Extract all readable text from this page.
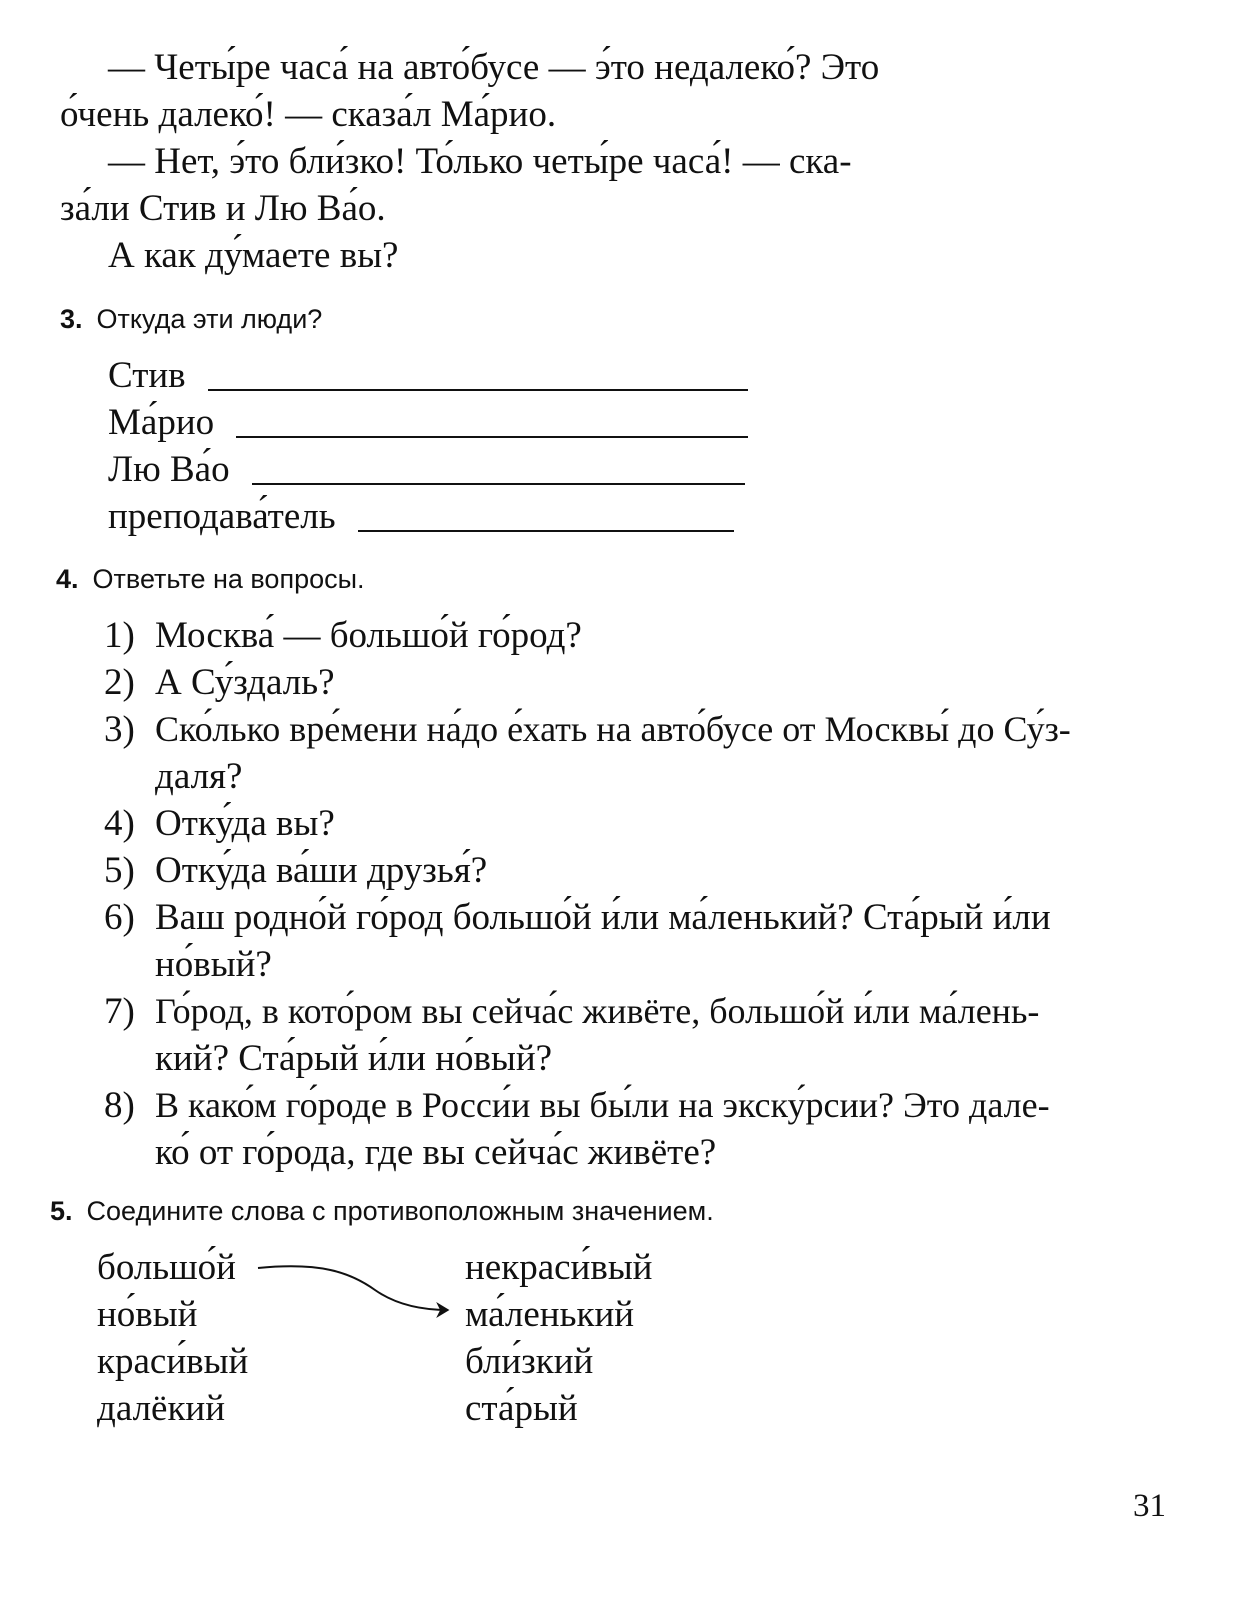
— Четы́ре часа́ на авто́бусе — э́то недалеко́? Это
о́чень далеко́! — сказа́л Ма́рио.
— Нет, э́то бли́зко! То́лько четы́ре часа́! — ска-
за́ли Стив и Лю Ва́о.
А как ду́маете вы?
3. Откуда эти люди?
Стив
Ма́рио
Лю Ва́о
преподава́тель
4. Ответьте на вопросы.
1) Москва́ — большо́й го́род?
2) А Су́здаль?
3) Ско́лько вре́мени на́до е́хать на авто́бусе от Москвы́ до Су́з-
даля?
4) Отку́да вы?
5) Отку́да ва́ши друзья́?
6) Ваш родно́й го́род большо́й и́ли ма́ленький? Ста́рый и́ли
но́вый?
7) Го́род, в кото́ром вы сейча́с живёте, большо́й и́ли ма́лень-
кий? Ста́рый и́ли но́вый?
8) В како́м го́роде в Росси́и вы бы́ли на экску́рсии? Это дале-
ко́ от го́рода, где вы сейча́с живёте?
5. Соедините слова с противоположным значением.
большо́й
но́вый
краси́вый
далёкий
некраси́вый
ма́ленький
бли́зкий
ста́рый
31
